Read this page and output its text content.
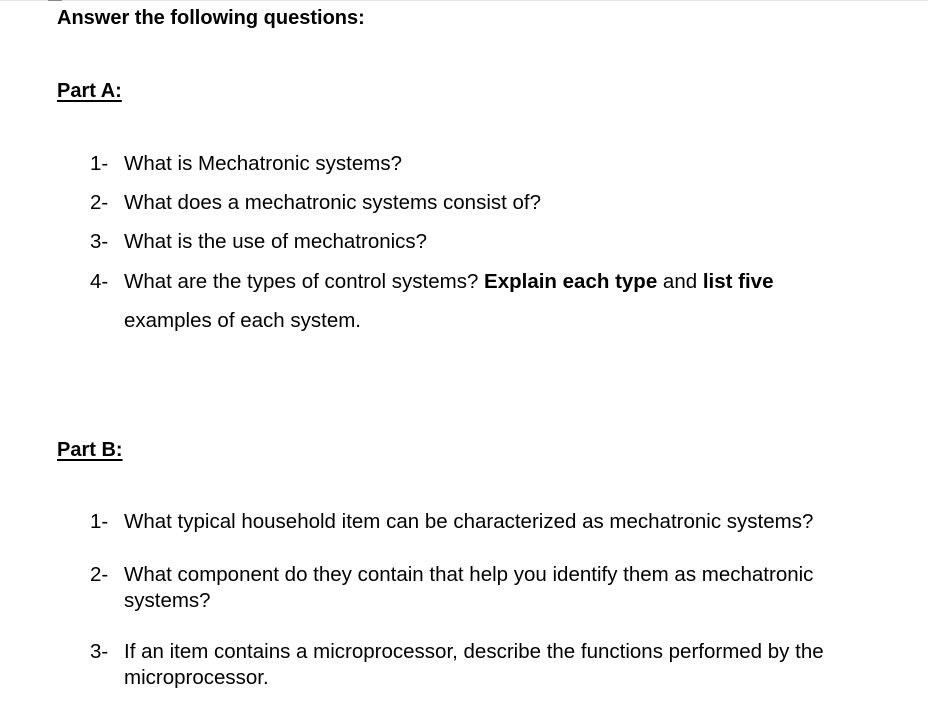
Answer the following questions:
Part A:
1- What is Mechatronic systems?
2- What does a mechatronic systems consist of?
3- What is the use of mechatronics?
4- What are the types of control systems? Explain each type and list five
examples of each system.
Part B:
1- What typical household item can be characterized as mechatronic systems?
2- What component do they contain that help you identify them as mechatronic
systems?
3- If an item contains a microprocessor, describe the functions performed by the
microprocessor.
